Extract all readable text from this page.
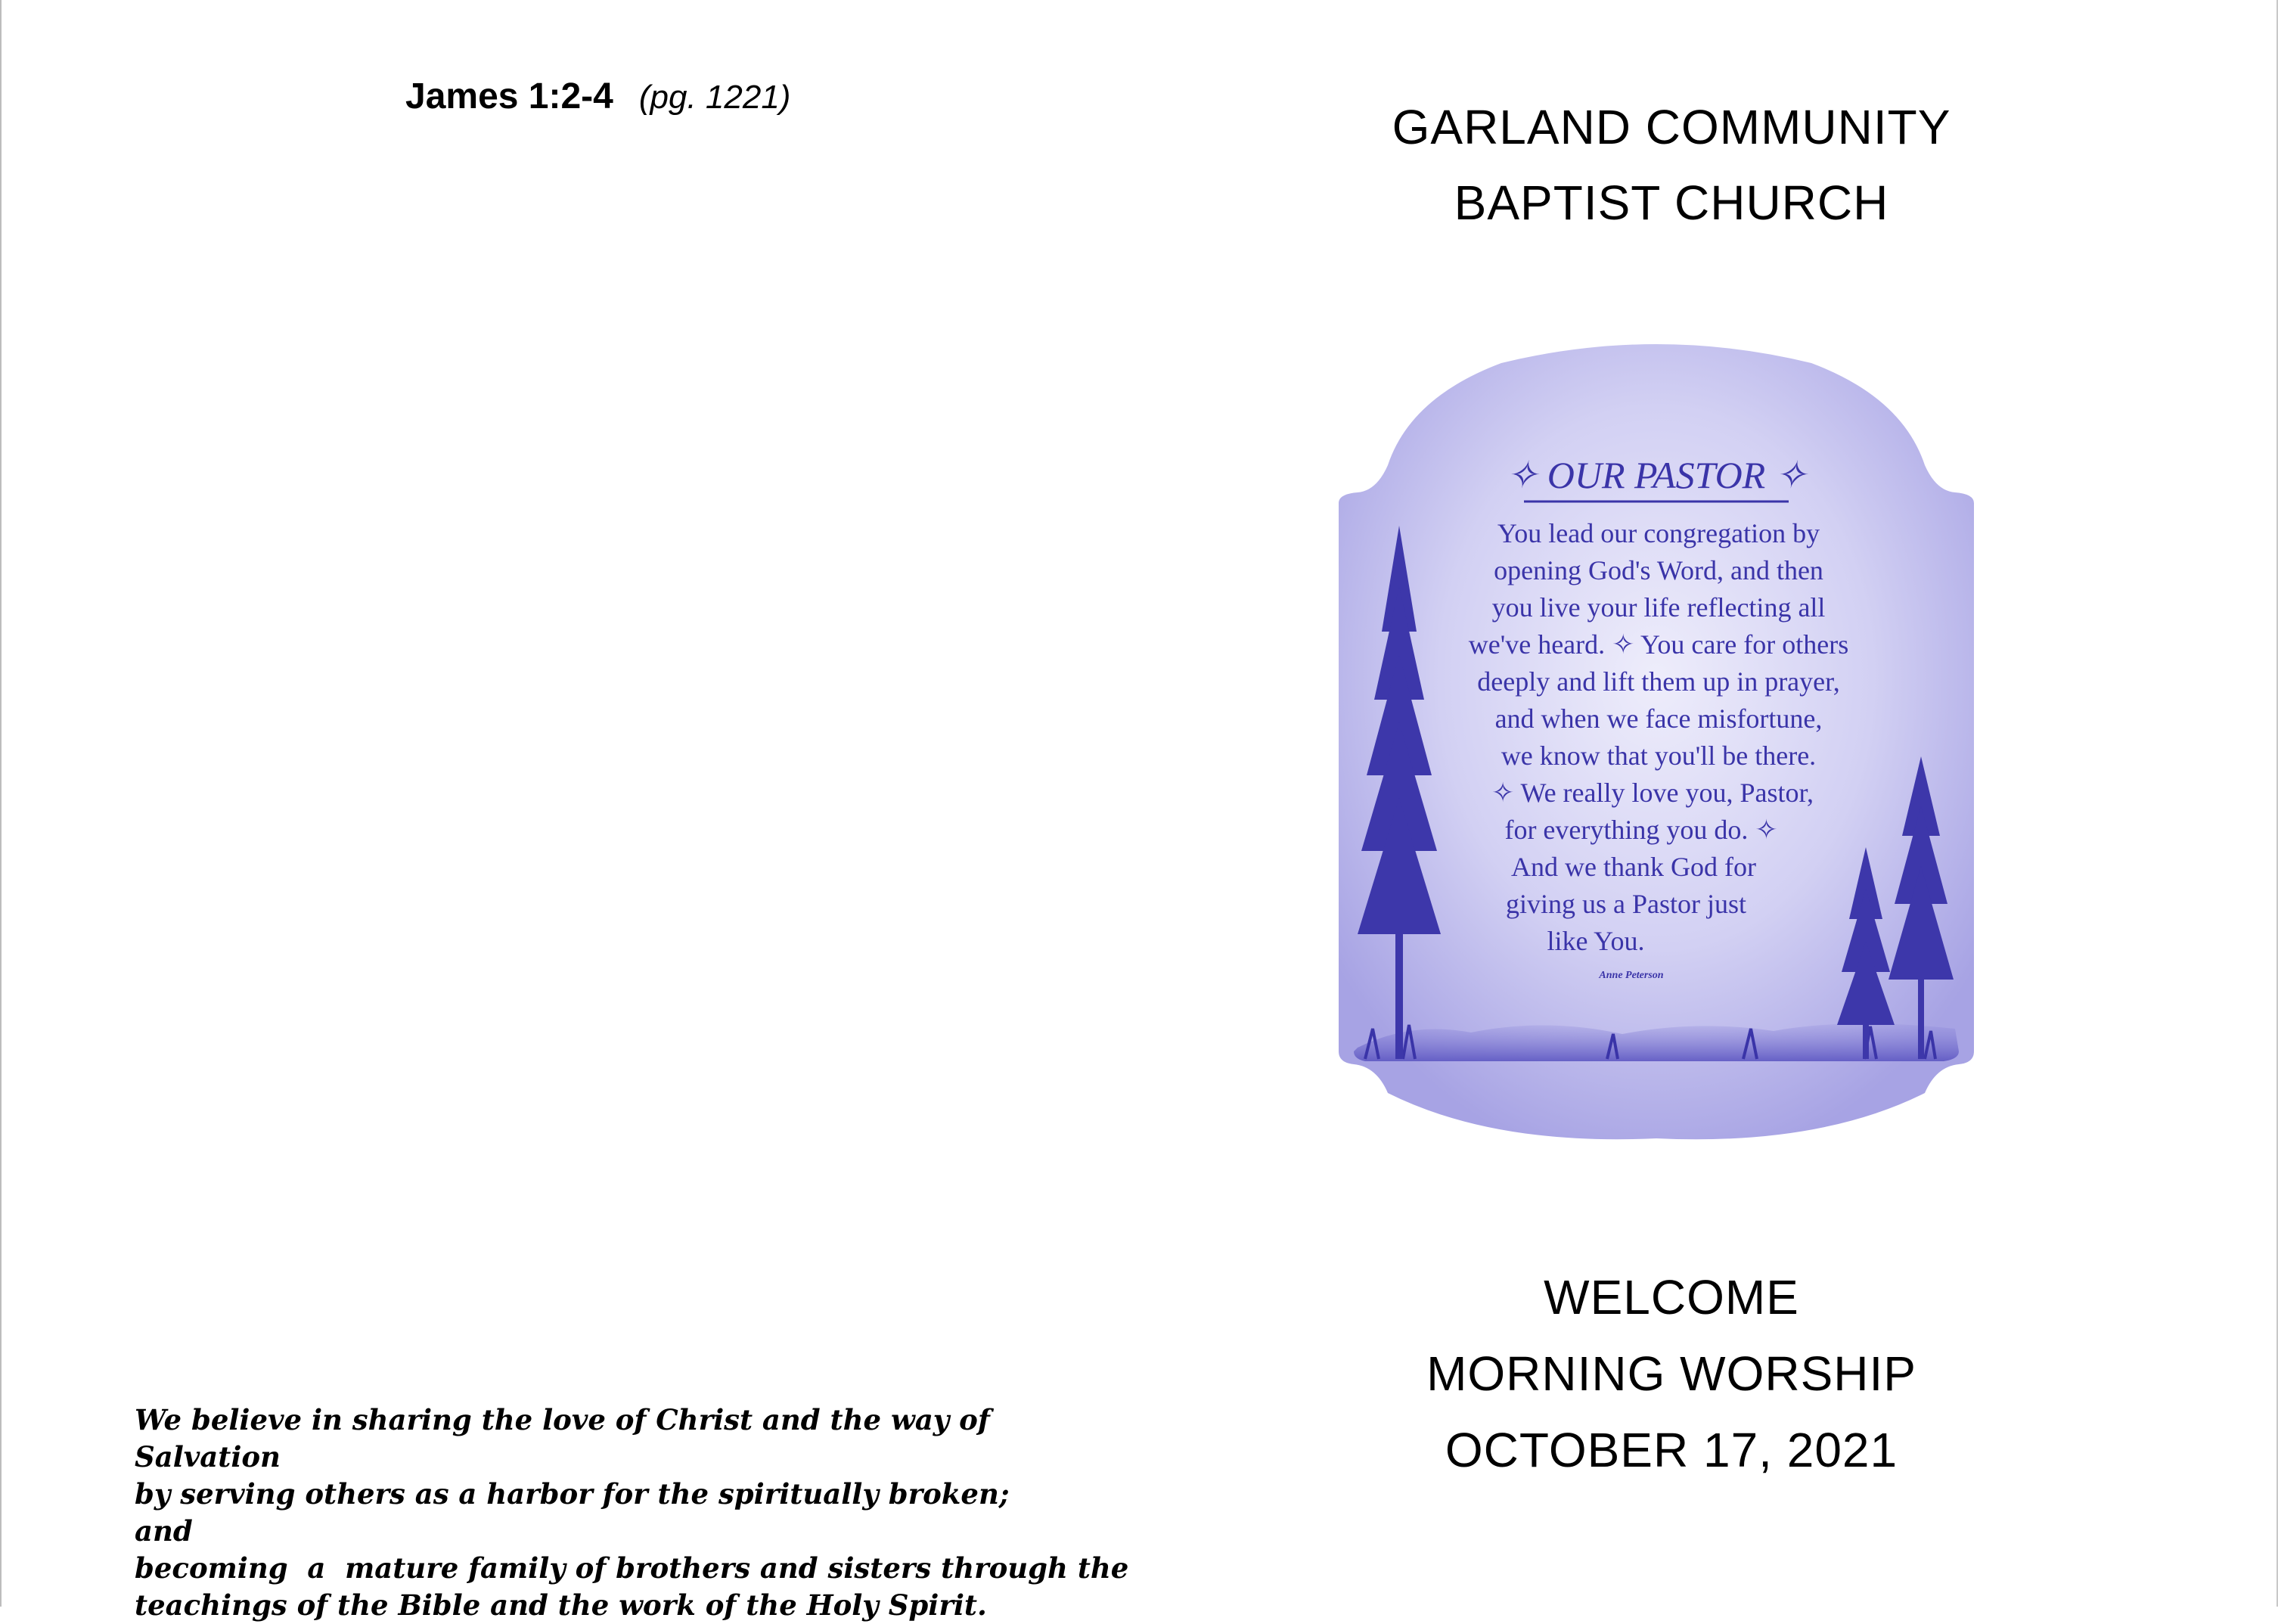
James 1:2-4 (pg. 1221)
We believe in sharing the love of Christ and the way of Salvation
by serving others as a harbor for the spiritually broken; and
becoming  a  mature family of brothers and sisters through the
teachings of the Bible and the work of the Holy Spirit.
GARLAND COMMUNITY
BAPTIST CHURCH
✧ OUR PASTOR ✧
You lead our congregation by
opening God's Word, and then
you live your life reflecting all
we've heard. ✧ You care for others
deeply and lift them up in prayer,
and when we face misfortune,
we know that you'll be there.
✧ We really love you, Pastor,
for everything you do. ✧
And we thank God for
giving us a Pastor just
like You.
Anne Peterson
WELCOME
MORNING WORSHIP
OCTOBER 17, 2021
